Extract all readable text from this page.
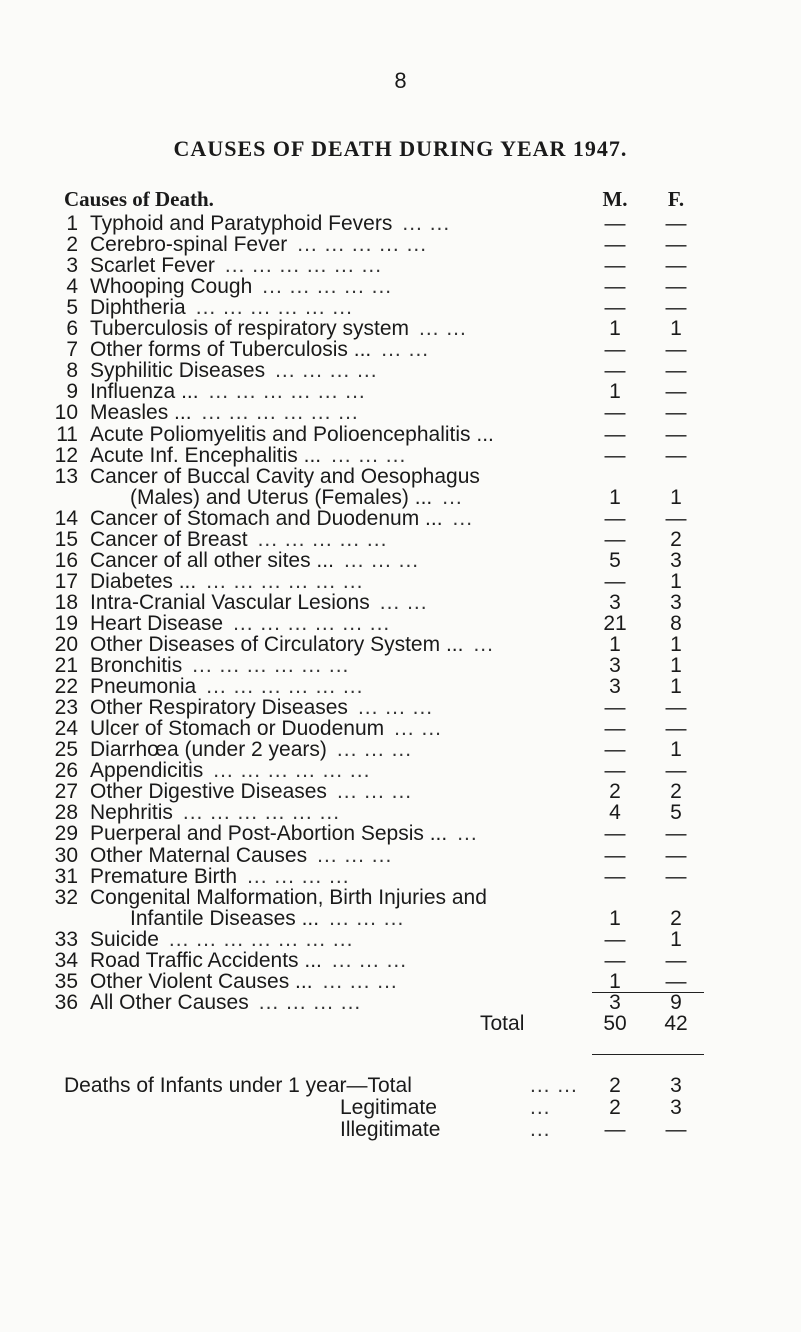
8
CAUSES OF DEATH DURING YEAR 1947.
Causes of Death.	M.	F.
1 Typhoid and Paratyphoid Fevers ... ...	—	—
2 Cerebro-spinal Fever ... ... ... ... ...	—	—
3 Scarlet Fever ... ... ... ... ... ...	—	—
4 Whooping Cough ... ... ... ... ...	—	—
5 Diphtheria ... ... ... ... ... ...	—	—
6 Tuberculosis of respiratory system ... ...	1	1
7 Other forms of Tuberculosis ... ... ...	—	—
8 Syphilitic Diseases ... ... ... ...	—	—
9 Influenza ... ... ... ... ... ... ...	1	—
10 Measles ... ... ... ... ... ... ...	—	—
11 Acute Poliomyelitis and Polioencephalitis ...	—	—
12 Acute Inf. Encephalitis ... ... ... ...	—	—
13 Cancer of Buccal Cavity and Oesophagus
(Males) and Uterus (Females) ... ...	1	1
14 Cancer of Stomach and Duodenum ... ...	—	—
15 Cancer of Breast ... ... ... ... ...	—	2
16 Cancer of all other sites ... ... ... ...	5	3
17 Diabetes ... ... ... ... ... ... ...	—	1
18 Intra-Cranial Vascular Lesions ... ...	3	3
19 Heart Disease ... ... ... ... ... ...	21	8
20 Other Diseases of Circulatory System ... ...	1	1
21 Bronchitis ... ... ... ... ... ...	3	1
22 Pneumonia ... ... ... ... ... ...	3	1
23 Other Respiratory Diseases ... ... ...	—	—
24 Ulcer of Stomach or Duodenum ... ...	—	—
25 Diarrhœa (under 2 years) ... ... ...	—	1
26 Appendicitis ... ... ... ... ... ...	—	—
27 Other Digestive Diseases ... ... ...	2	2
28 Nephritis ... ... ... ... ... ...	4	5
29 Puerperal and Post-Abortion Sepsis ... ...	—	—
30 Other Maternal Causes ... ... ...	—	—
31 Premature Birth ... ... ... ...	—	—
32 Congenital Malformation, Birth Injuries and
Infantile Diseases ... ... ... ...	1	2
33 Suicide ... ... ... ... ... ... ...	—	1
34 Road Traffic Accidents ... ... ... ...	—	—
35 Other Violent Causes ... ... ... ...	1	—
36 All Other Causes ... ... ... ...	3	9
Total	50	42
Deaths of Infants under 1 year—Total	... ...	2	3
Legitimate	...	2	3
Illegitimate	...	—	—
